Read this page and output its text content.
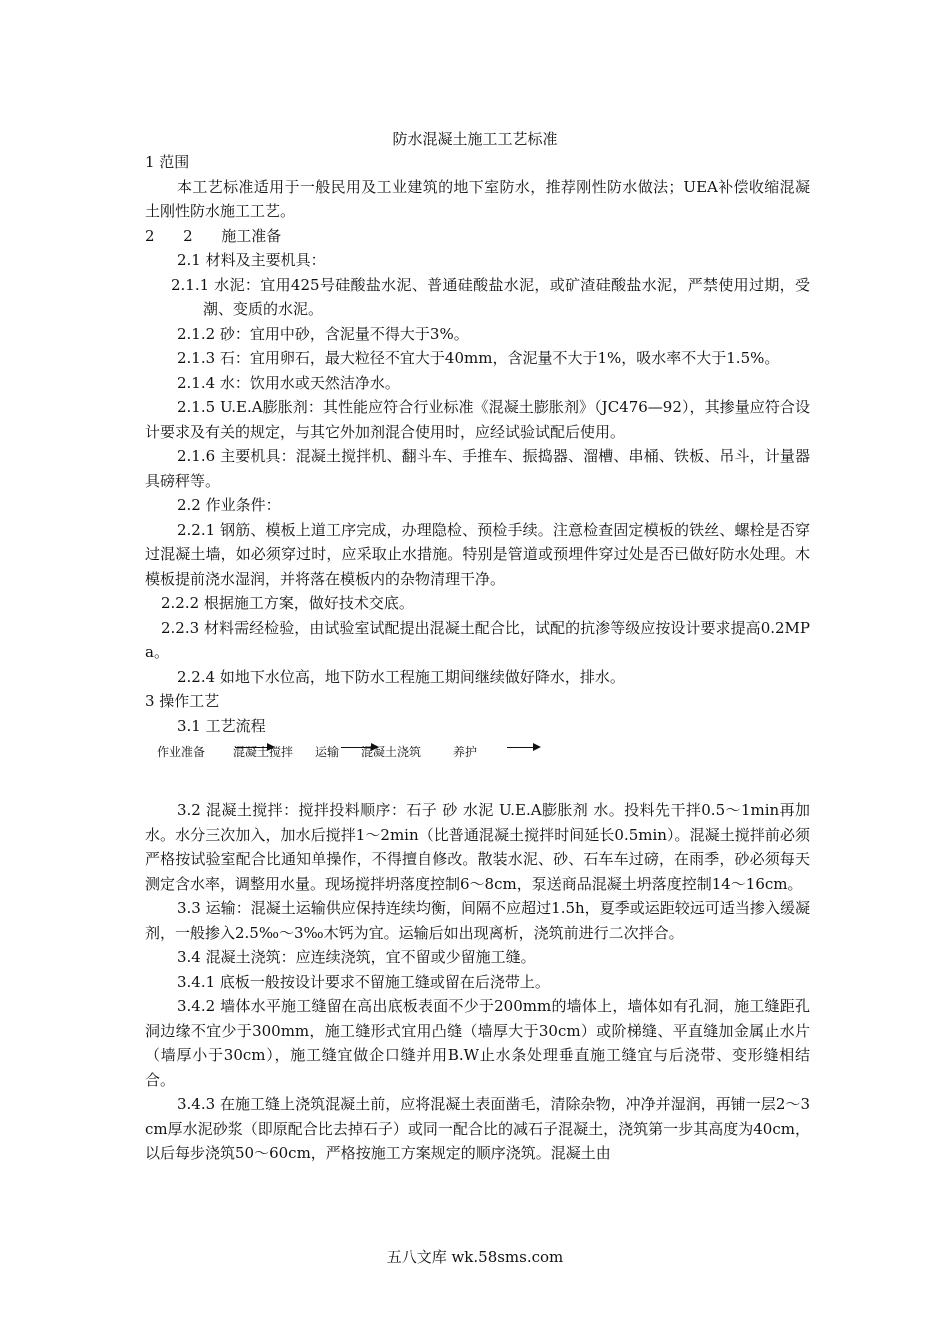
防水混凝土施工工艺标准

1 范围

本工艺标准适用于一般民用及工业建筑的地下室防水，推荐刚性防水做法；UEA补偿收缩混凝土刚性防水施工工艺。

2      2      施工准备

2.1 材料及主要机具：

2.1.1 水泥：宜用425号硅酸盐水泥、普通硅酸盐水泥，或矿渣硅酸盐水泥，严禁使用过期，受潮、变质的水泥。

2.1.2 砂：宜用中砂，含泥量不得大于3%。

2.1.3 石：宜用卵石，最大粒径不宜大于40mm，含泥量不大于1%，吸水率不大于1.5%。

2.1.4 水：饮用水或天然洁净水。

2.1.5 U.E.A膨胀剂：其性能应符合行业标准《混凝土膨胀剂》（JC476—92），其掺量应符合设计要求及有关的规定，与其它外加剂混合使用时，应经试验试配后使用。

2.1.6 主要机具：混凝土搅拌机、翻斗车、手推车、振捣器、溜槽、串桶、铁板、吊斗，计量器具磅秤等。

2.2 作业条件：

2.2.1 钢筋、模板上道工序完成，办理隐检、预检手续。注意检查固定模板的铁丝、螺栓是否穿过混凝土墙，如必须穿过时，应采取止水措施。特别是管道或预埋件穿过处是否已做好防水处理。木模板提前浇水湿润，并将落在模板内的杂物清理干净。

2.2.2 根据施工方案，做好技术交底。

2.2.3 材料需经检验，由试验室试配提出混凝土配合比，试配的抗渗等级应按设计要求提高0.2MPa。

2.2.4 如地下水位高，地下防水工程施工期间继续做好降水，排水。

3 操作工艺

3.1 工艺流程

作业准备 混凝土搅拌 运输 混凝土浇筑	养护

3.2 混凝土搅拌：搅拌投料顺序：石子 砂 水泥 U.E.A膨胀剂 水。投料先干拌0.5～1min再加水。水分三次加入，加水后搅拌1～2min（比普通混凝土搅拌时间延长0.5min）。混凝土搅拌前必须严格按试验室配合比通知单操作，不得擅自修改。散装水泥、砂、石车车过磅，在雨季，砂必须每天测定含水率，调整用水量。现场搅拌坍落度控制6～8cm，泵送商品混凝土坍落度控制14～16cm。

3.3 运输：混凝土运输供应保持连续均衡，间隔不应超过1.5h，夏季或运距较远可适当掺入缓凝剂，一般掺入2.5‰～3‰木钙为宜。运输后如出现离析，浇筑前进行二次拌合。

3.4 混凝土浇筑：应连续浇筑，宜不留或少留施工缝。

3.4.1 底板一般按设计要求不留施工缝或留在后浇带上。

3.4.2 墙体水平施工缝留在高出底板表面不少于200mm的墙体上，墙体如有孔洞，施工缝距孔洞边缘不宜少于300mm，施工缝形式宜用凸缝（墙厚大于30cm）或阶梯缝、平直缝加金属止水片（墙厚小于30cm），施工缝宜做企口缝并用B.W止水条处理垂直施工缝宜与后浇带、变形缝相结合。

3.4.3 在施工缝上浇筑混凝土前，应将混凝土表面凿毛，清除杂物，冲净并湿润，再铺一层2～3cm厚水泥砂浆（即原配合比去掉石子）或同一配合比的减石子混凝土，浇筑第一步其高度为40cm，以后每步浇筑50～60cm，严格按施工方案规定的顺序浇筑。混凝土由

五八文库 wk.58sms.com
